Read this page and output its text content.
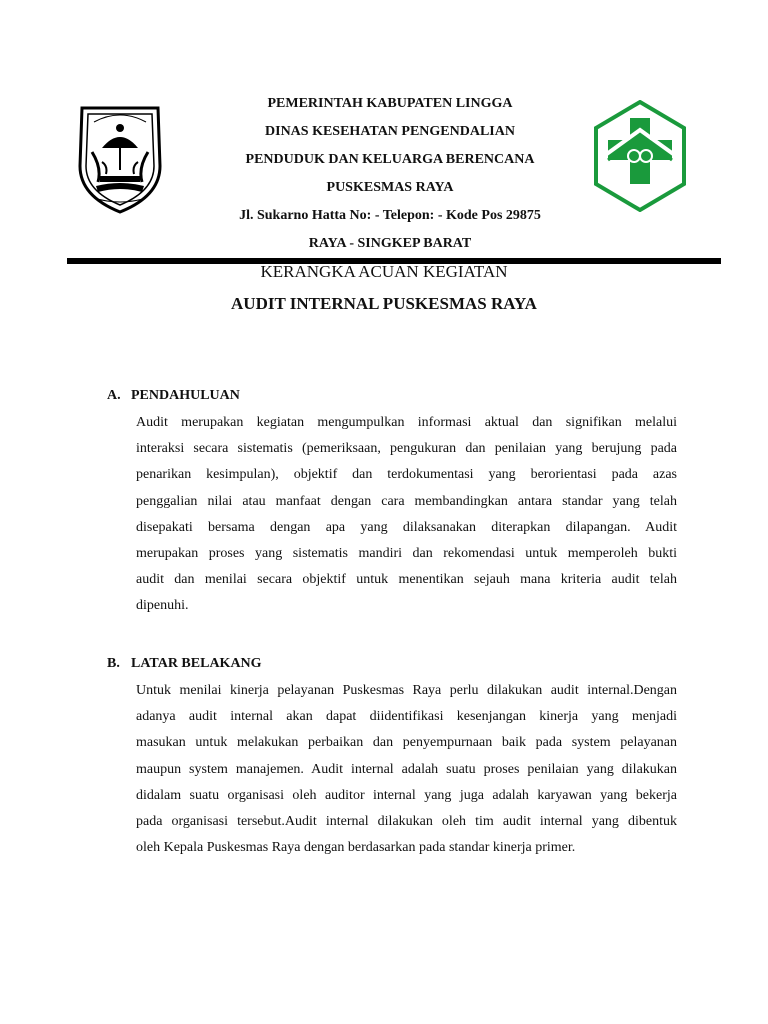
PEMERINTAH KABUPATEN LINGGA
DINAS KESEHATAN PENGENDALIAN
PENDUDUK DAN KELUARGA BERENCANA
PUSKESMAS RAYA
Jl. Sukarno Hatta No: - Telepon: - Kode Pos 29875
RAYA - SINGKEP BARAT
KERANGKA ACUAN KEGIATAN
AUDIT INTERNAL PUSKESMAS RAYA
A. PENDAHULUAN
Audit merupakan kegiatan mengumpulkan informasi aktual dan signifikan melalui
interaksi secara sistematis (pemeriksaan, pengukuran dan penilaian yang berujung pada
penarikan kesimpulan), objektif dan terdokumentasi yang berorientasi pada azas
penggalian nilai atau manfaat dengan cara membandingkan antara standar yang telah
disepakati bersama dengan apa yang dilaksanakan diterapkan dilapangan. Audit
merupakan proses yang sistematis mandiri dan rekomendasi untuk memperoleh bukti
audit dan menilai secara objektif untuk menentikan sejauh mana kriteria audit telah
dipenuhi.
B. LATAR BELAKANG
Untuk menilai kinerja pelayanan Puskesmas Raya perlu dilakukan audit internal.Dengan
adanya audit internal akan dapat diidentifikasi kesenjangan kinerja yang menjadi
masukan untuk melakukan perbaikan dan penyempurnaan baik pada system pelayanan
maupun system manajemen. Audit internal adalah suatu proses penilaian yang dilakukan
didalam suatu organisasi oleh auditor internal yang juga adalah karyawan yang bekerja
pada organisasi tersebut.Audit internal dilakukan oleh tim audit internal yang dibentuk
oleh Kepala Puskesmas Raya dengan berdasarkan pada standar kinerja primer.
